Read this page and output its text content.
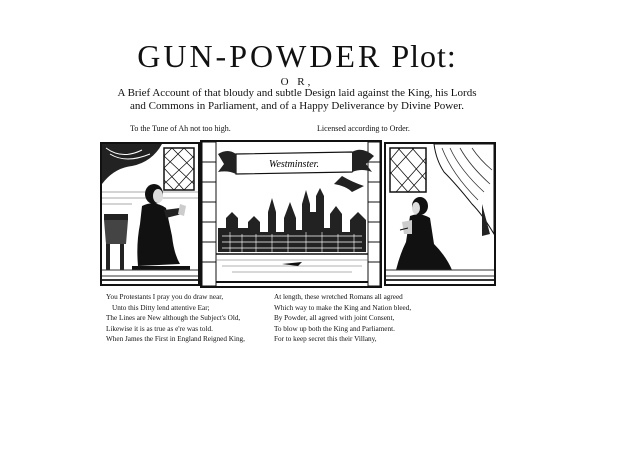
GUN-POWDER Plot:
O R,
A Brief Account of that bloudy and subtle Design laid against the King, his Lords
and Commons in Parliament, and of a Happy Deliverance by Divine Power.
To the Tune of Ah not too high.	Licensed according to Order.
Westminster.
You Protestants I pray you do draw near,
Unto this Ditty lend attentive Ear;
The Lines are New although the Subject's Old,
Likewise it is as true as e're was told.
When James the First in England Reigned King,
At length, these wretched Romans all agreed
Which way to make the King and Nation bleed,
By Powder, all agreed with joint Consent,
To blow up both the King and Parliament.
For to keep secret this their Villany,
